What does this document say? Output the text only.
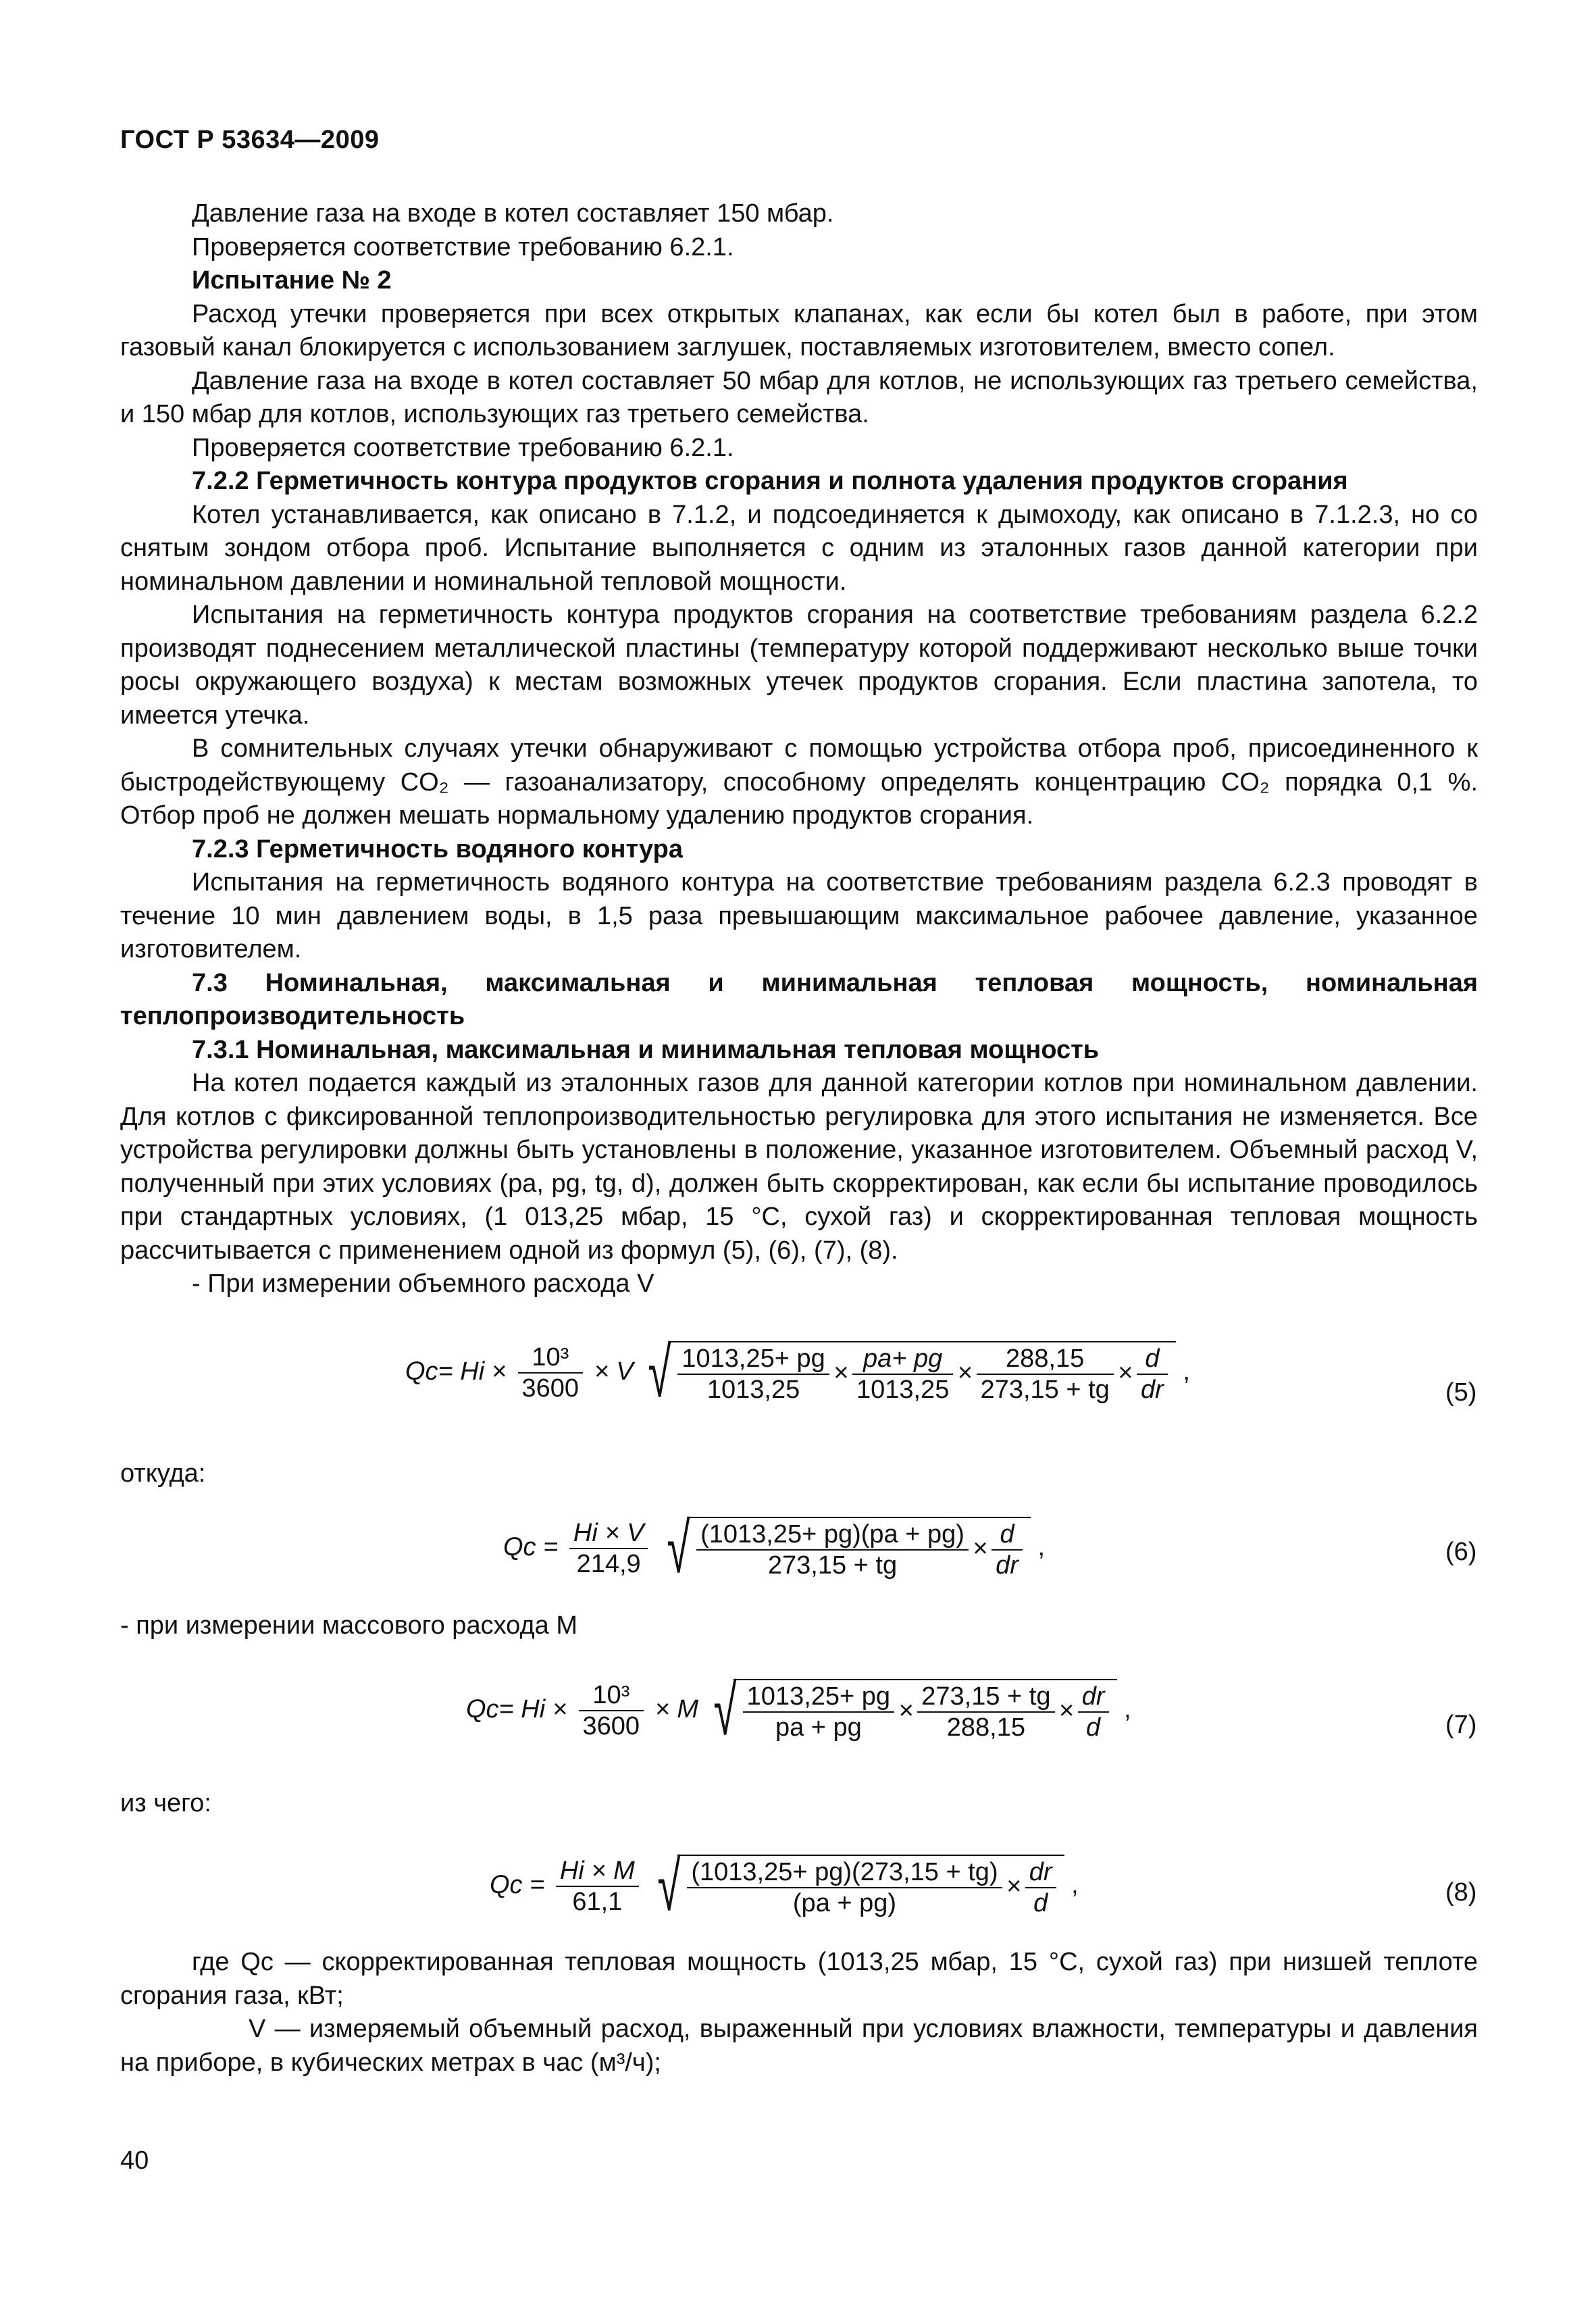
ГОСТ Р 53634—2009

Давление газа на входе в котел составляет 150 мбар.

Проверяется соответствие требованию 6.2.1.

Испытание № 2

Расход утечки проверяется при всех открытых клапанах, как если бы котел был в работе, при этом газовый канал блокируется с использованием заглушек, поставляемых изготовителем, вместо сопел.

Давление газа на входе в котел составляет 50 мбар для котлов, не использующих газ третьего семейства, и 150 мбар для котлов, использующих газ третьего семейства.

Проверяется соответствие требованию 6.2.1.

7.2.2 Герметичность контура продуктов сгорания и полнота удаления продуктов сгорания

Котел устанавливается, как описано в 7.1.2, и подсоединяется к дымоходу, как описано в 7.1.2.3, но со снятым зондом отбора проб. Испытание выполняется с одним из эталонных газов данной категории при номинальном давлении и номинальной тепловой мощности.

Испытания на герметичность контура продуктов сгорания на соответствие требованиям раздела 6.2.2 производят поднесением металлической пластины (температуру которой поддерживают несколько выше точки росы окружающего воздуха) к местам возможных утечек продуктов сгорания. Если пластина запотела, то имеется утечка.

В сомнительных случаях утечки обнаруживают с помощью устройства отбора проб, присоединенного к быстродействующему CO₂ — газоанализатору, способному определять концентрацию CO₂ порядка 0,1 %. Отбор проб не должен мешать нормальному удалению продуктов сгорания.

7.2.3 Герметичность водяного контура

Испытания на герметичность водяного контура на соответствие требованиям раздела 6.2.3 проводят в течение 10 мин давлением воды, в 1,5 раза превышающим максимальное рабочее давление, указанное изготовителем.

7.3 Номинальная, максимальная и минимальная тепловая мощность, номинальная теплопроизводительность

7.3.1 Номинальная, максимальная и минимальная тепловая мощность

На котел подается каждый из эталонных газов для данной категории котлов при номинальном давлении. Для котлов с фиксированной теплопроизводительностью регулировка для этого испытания не изменяется. Все устройства регулировки должны быть установлены в положение, указанное изготовителем. Объемный расход V, полученный при этих условиях (pa, pg, tg, d), должен быть скорректирован, как если бы испытание проводилось при стандартных условиях, (1 013,25 мбар, 15 °С, сухой газ) и скорректированная тепловая мощность рассчитывается с применением одной из формул (5), (6), (7), (8).

- При измерении объемного расхода V

$Qc= Hi \times \frac{\text{10³}}{3600} \times V$ √ $\frac{1013,25+ pg}{1013,25} \times \frac{pa+ pg}{1013,25} \times \frac{288,15}{273,15 + tg} \times \frac{d}{dr}$ ,
(5)
откуда:
$Qc = \frac{Hi \times V}{214,9}$ √ $\frac{(1013,25+ pg)(pa + pg)}{273,15 + tg} \times \frac{d}{dr}$ ,	(6)
- при измерении массового расхода M
$Qc= Hi \times \frac{\text{10³}}{3600} \times M$ √ $\frac{1013,25+ pg}{pa + pg} \times \frac{273,15 + tg}{288,15} \times \frac{dr}{d}$ ,
(7)
из чего:
$Qc = \frac{Hi \times M}{61,1}$ √ $\frac{(1013,25+ pg)(273,15 + tg)}{(pa + pg)} \times \frac{dr}{d}$ ,	(8)

где Qc — скорректированная тепловая мощность (1013,25 мбар, 15 °С, сухой газ) при низшей теплоте сгорания газа, кВт;

V — измеряемый объемный расход, выраженный при условиях влажности, температуры и давления на приборе, в кубических метрах в час (м³/ч);

40
